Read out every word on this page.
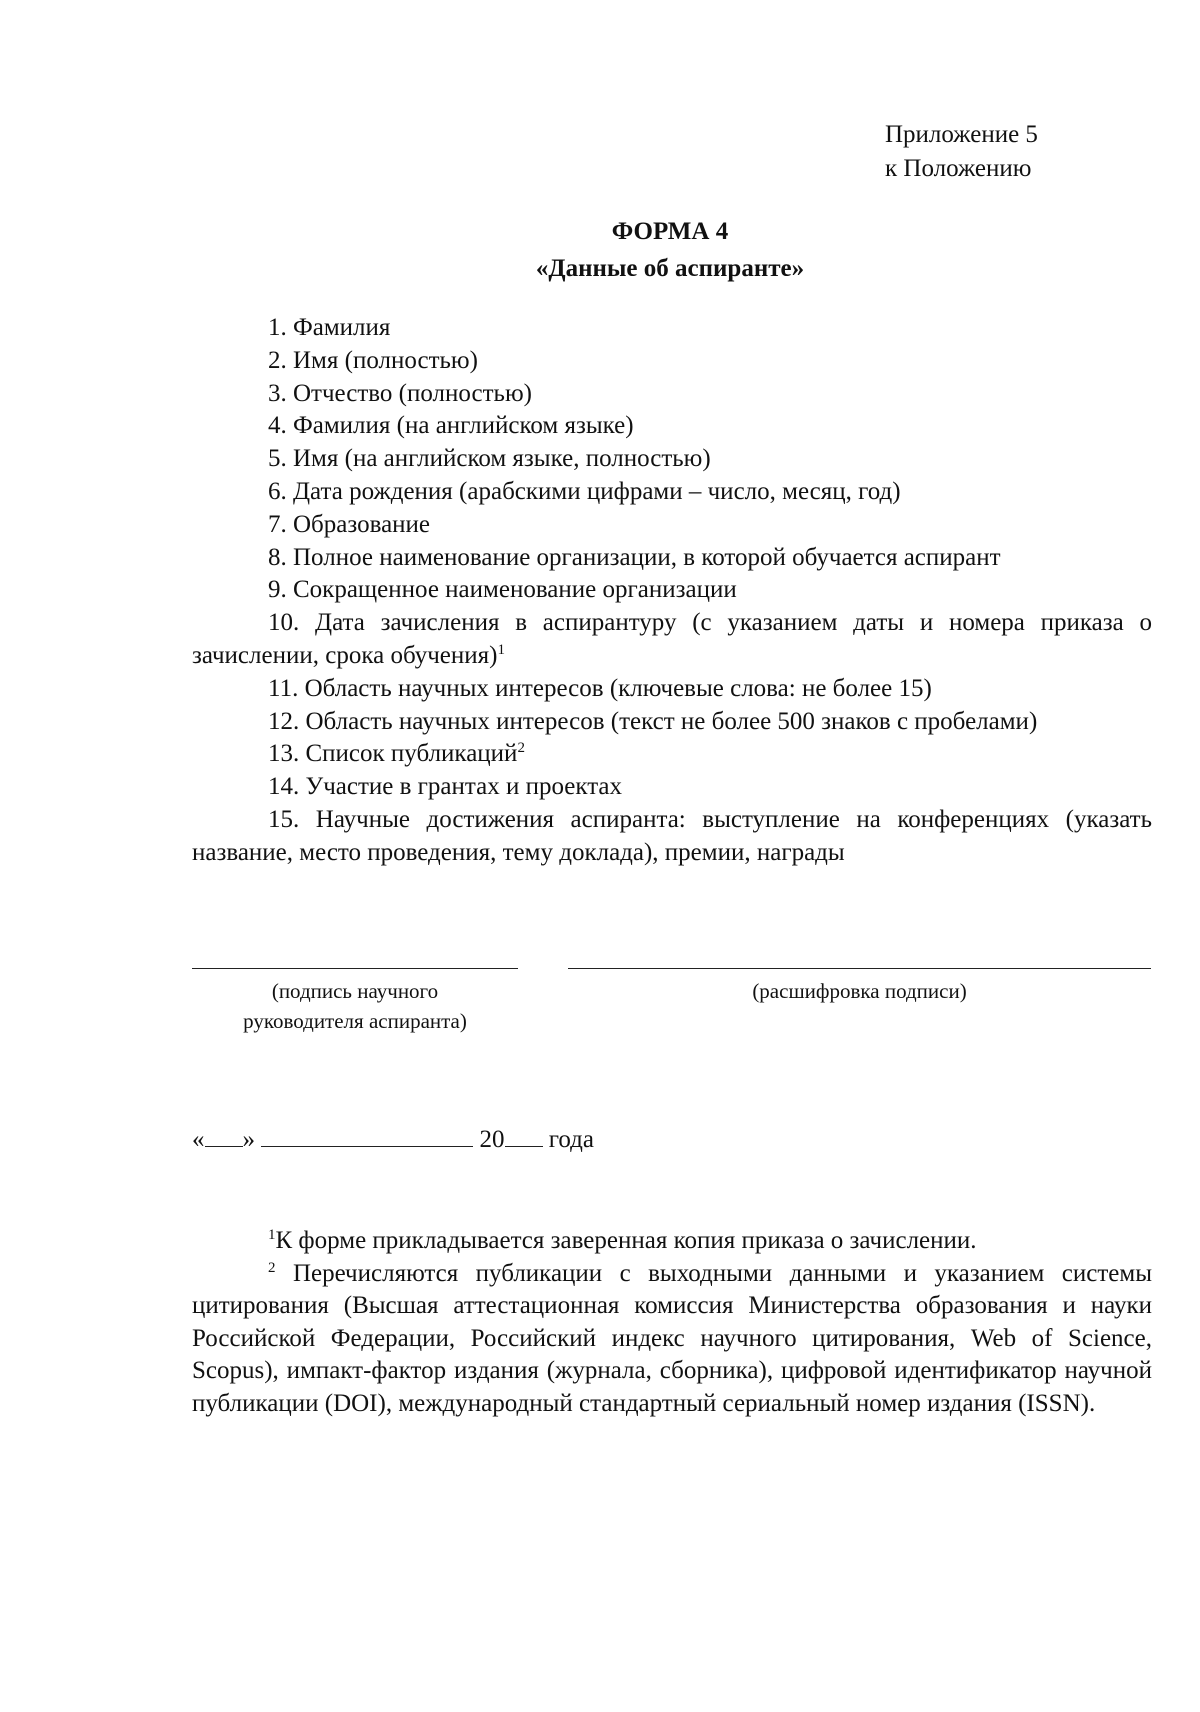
Приложение 5
к Положению
ФОРМА 4
«Данные об аспиранте»
1. Фамилия
2. Имя (полностью)
3. Отчество (полностью)
4. Фамилия (на английском языке)
5. Имя (на английском языке, полностью)
6. Дата рождения (арабскими цифрами – число, месяц, год)
7. Образование
8. Полное наименование организации, в которой обучается аспирант
9. Сокращенное наименование организации
10. Дата зачисления в аспирантуру (с указанием даты и номера приказа о зачислении, срока обучения)$^1$
11. Область научных интересов (ключевые слова: не более 15)
12. Область научных интересов (текст не более 500 знаков с пробелами)
13. Список публикаций$^2$
14. Участие в грантах и проектах
15. Научные достижения аспиранта: выступление на конференциях (указать название, место проведения, тему доклада), премии, награды
(подпись научного
руководителя аспиранта)
(расшифровка подписи)
« »	20 года
$^1$К форме прикладывается заверенная копия приказа о зачислении.
$^2$ Перечисляются публикации с выходными данными и указанием системы цитирования (Высшая аттестационная комиссия Министерства образования и науки Российской Федерации, Российский индекс научного цитирования, Web of Science, Scopus), импакт-фактор издания (журнала, сборника), цифровой идентификатор научной публикации (DOI), международный стандартный сериальный номер издания (ISSN).
